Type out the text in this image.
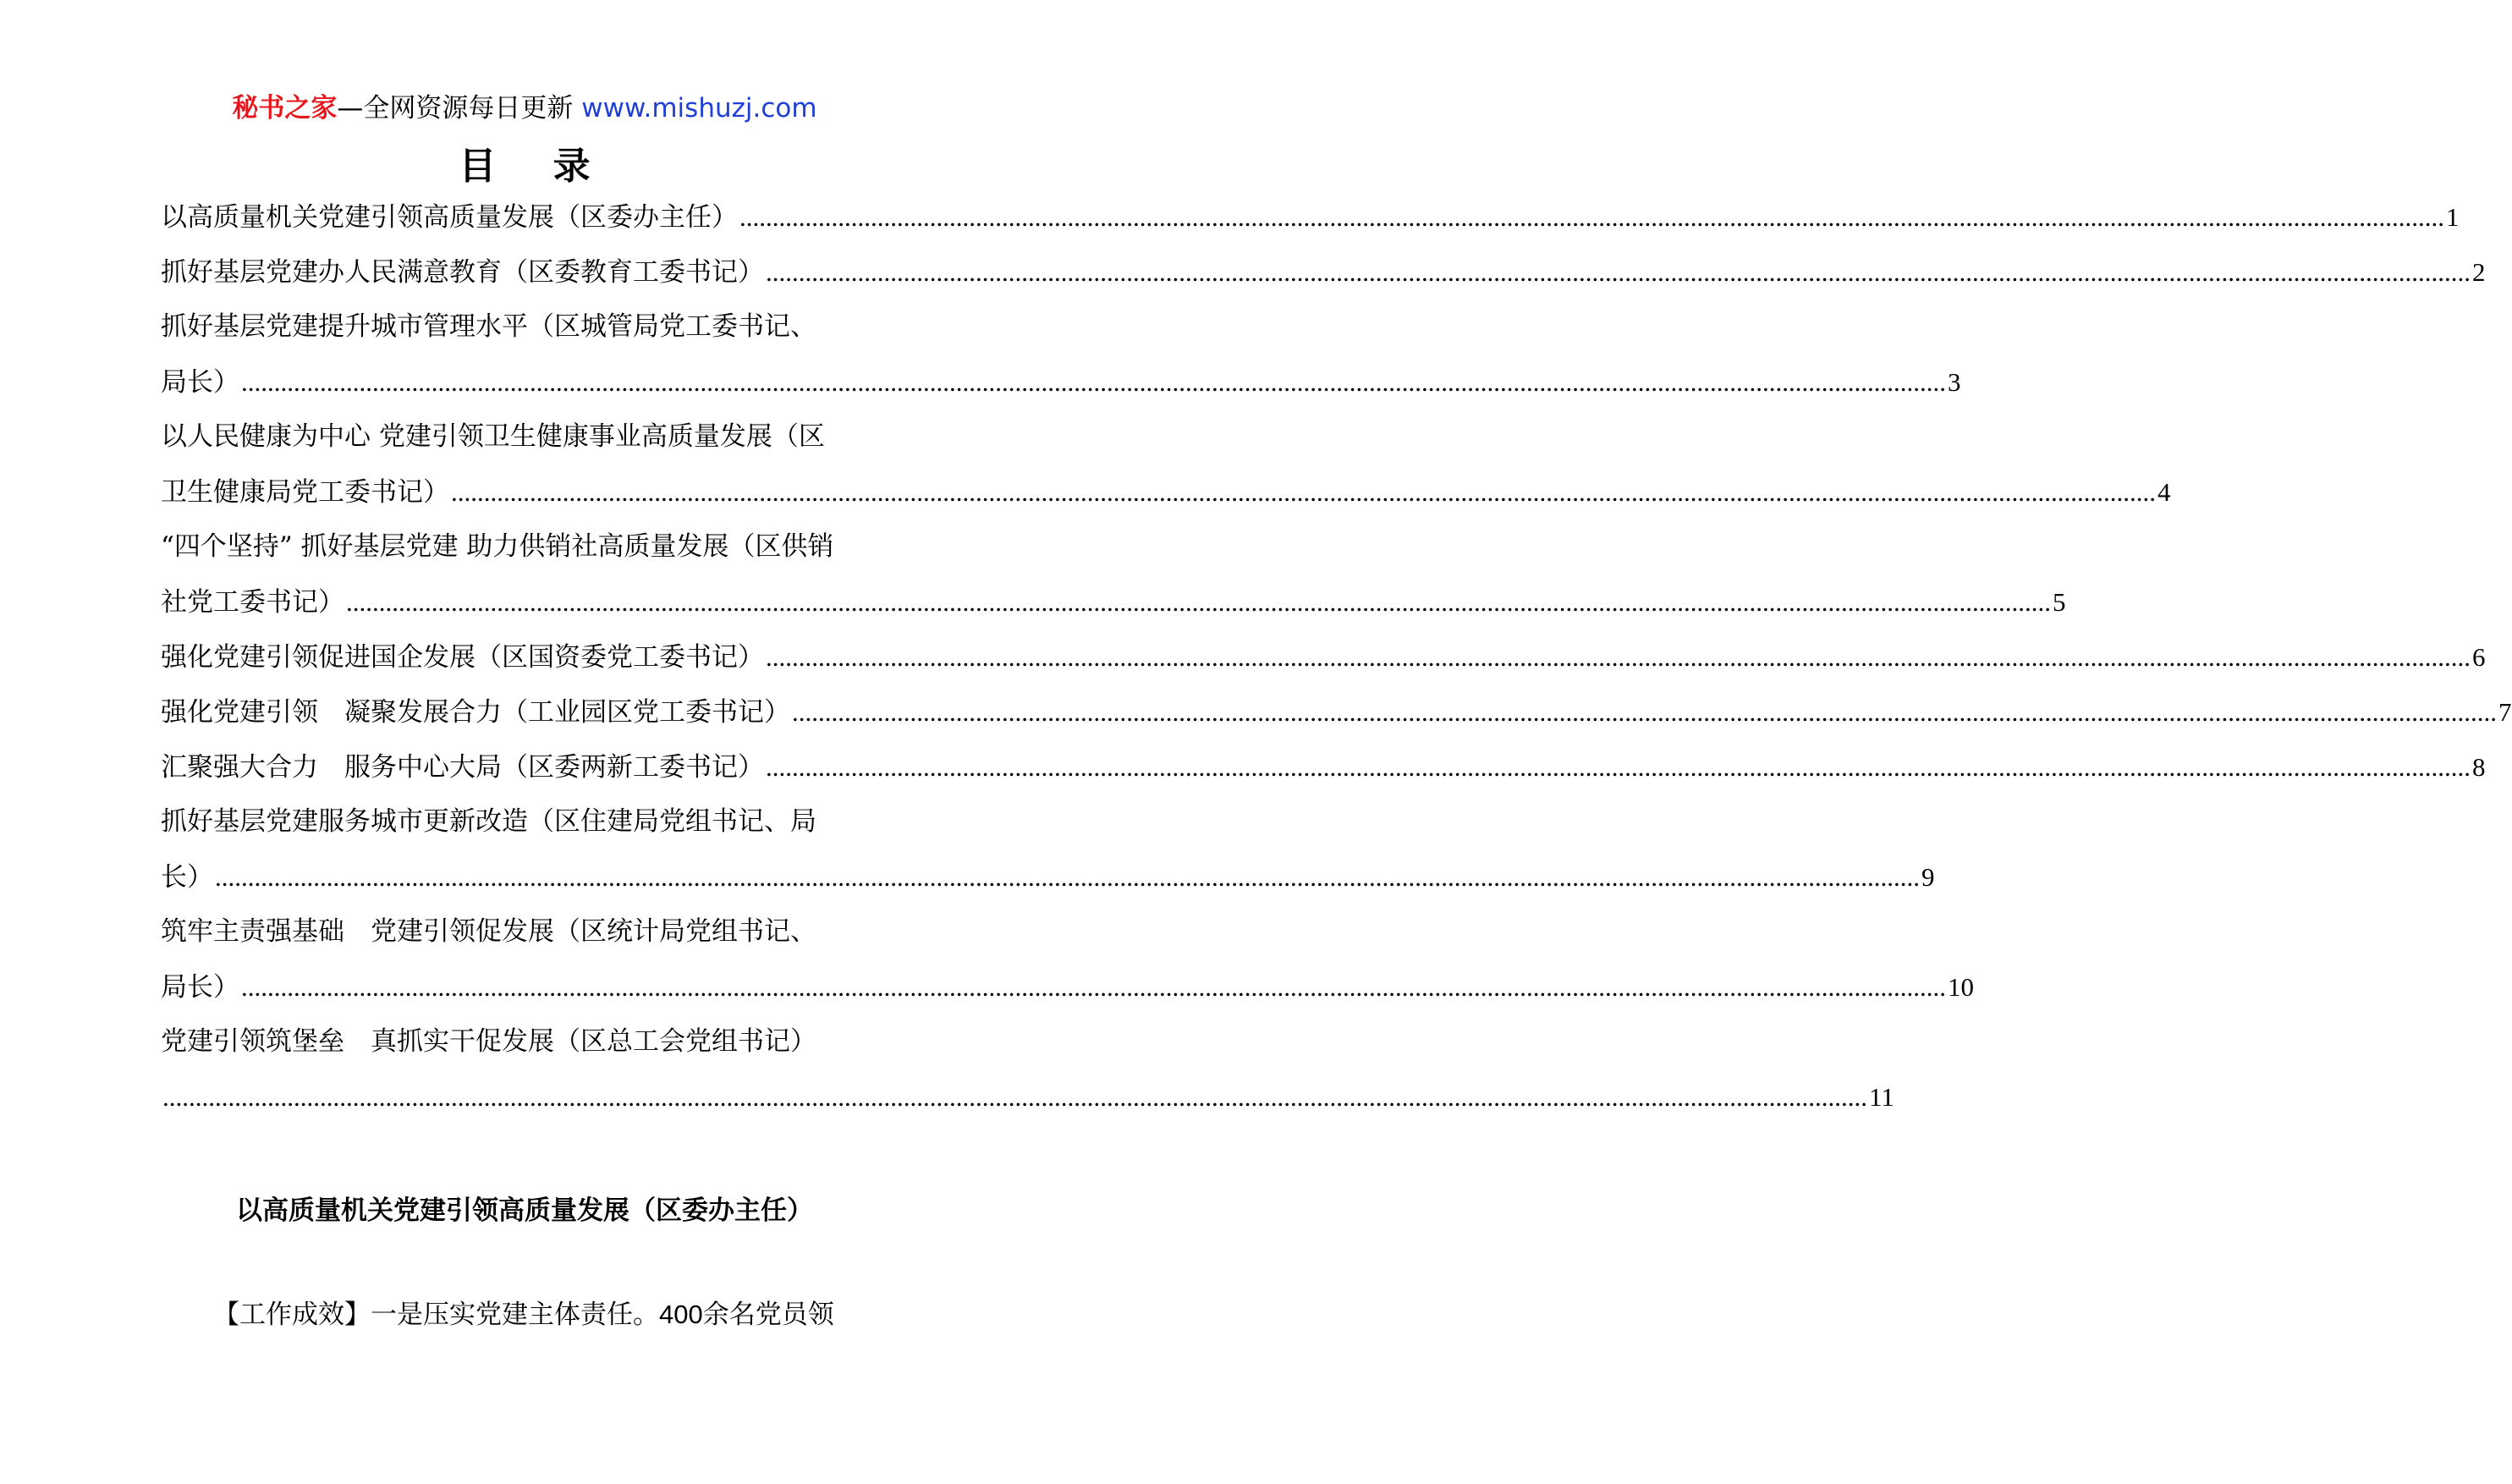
秘书之家—全网资源每日更新 www.mishuzj.com
目 录
以高质量机关党建引领高质量发展（区委办主任） .................................................................................................................................................................................................................................................................... 1
抓好基层党建办人民满意教育（区委教育工委书记） .................................................................................................................................................................................................................................................................... 2
抓好基层党建提升城市管理水平（区城管局党工委书记、
局长） .................................................................................................................................................................................................................................................................... 3
以人民健康为中心 党建引领卫生健康事业高质量发展（区
卫生健康局党工委书记） .................................................................................................................................................................................................................................................................... 4
“四个坚持” 抓好基层党建 助力供销社高质量发展（区供销
社党工委书记） .................................................................................................................................................................................................................................................................... 5
强化党建引领促进国企发展（区国资委党工委书记） .................................................................................................................................................................................................................................................................... 6
强化党建引领　凝聚发展合力（工业园区党工委书记） .................................................................................................................................................................................................................................................................... 7
汇聚强大合力　服务中心大局（区委两新工委书记） .................................................................................................................................................................................................................................................................... 8
抓好基层党建服务城市更新改造（区住建局党组书记、局
长） .................................................................................................................................................................................................................................................................... 9
筑牢主责强基础　党建引领促发展（区统计局党组书记、
局长） .................................................................................................................................................................................................................................................................... 10
党建引领筑堡垒　真抓实干促发展（区总工会党组书记）
.................................................................................................................................................................................................................................................................... 11
以高质量机关党建引领高质量发展（区委办主任）
【工作成效】一是压实党建主体责任。400余名党员领
